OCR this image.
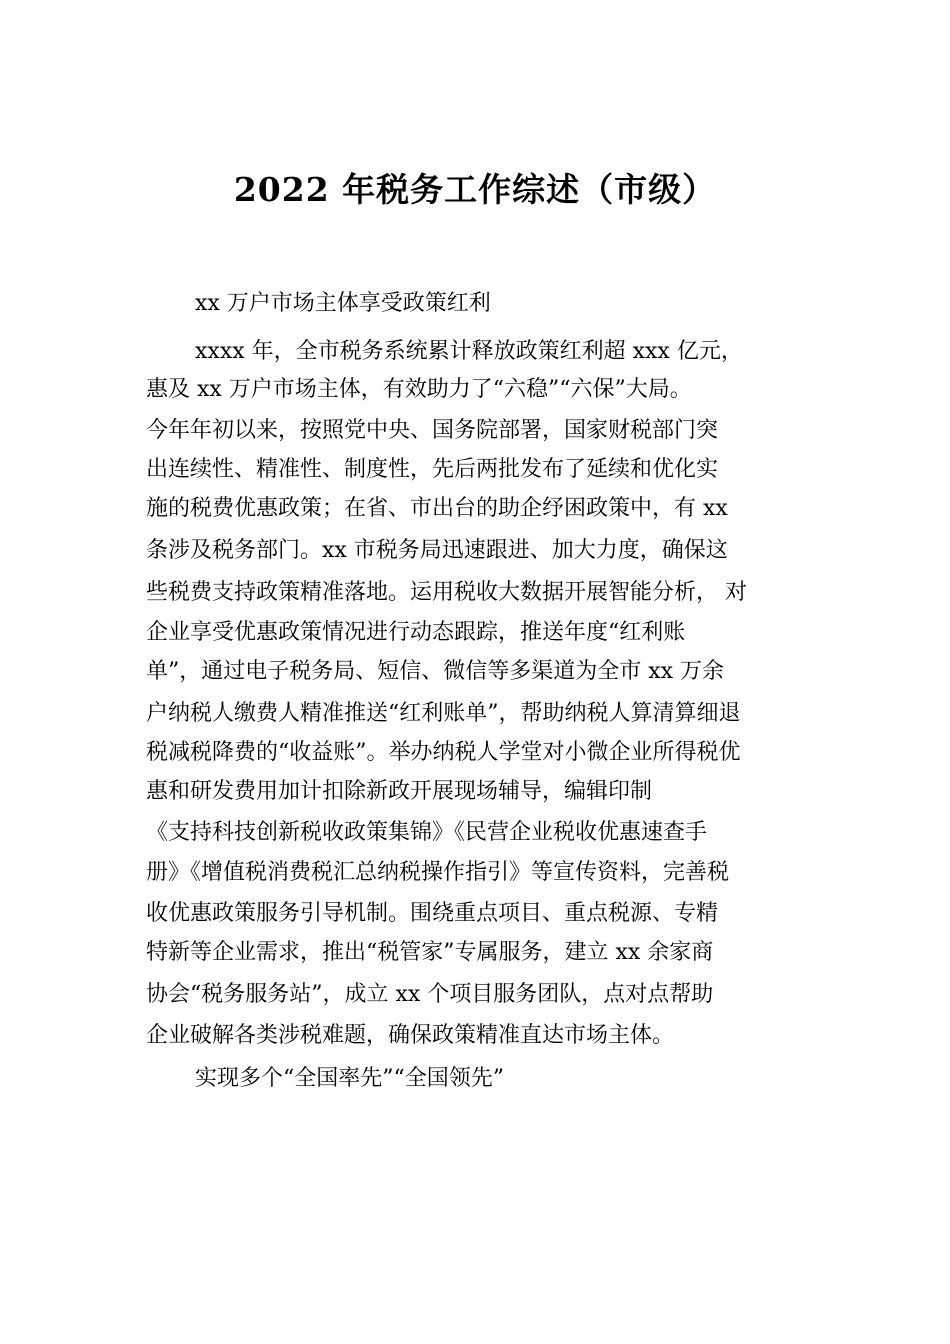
2022 年税务工作综述（市级）

xx 万户市场主体享受政策红利

xxxx 年，全市税务系统累计释放政策红利超 xxx 亿元，

惠及 xx 万户市场主体，有效助力了“六稳”“六保”大局。

今年年初以来，按照党中央、国务院部署，国家财税部门突

出连续性、精准性、制度性，先后两批发布了延续和优化实

施的税费优惠政策；在省、市出台的助企纾困政策中，有 xx

条涉及税务部门。xx 市税务局迅速跟进、加大力度，确保这

些税费支持政策精准落地。运用税收大数据开展智能分析， 对

企业享受优惠政策情况进行动态跟踪，推送年度“红利账

单”，通过电子税务局、短信、微信等多渠道为全市 xx 万余

户纳税人缴费人精准推送“红利账单”，帮助纳税人算清算细退

税减税降费的“收益账”。举办纳税人学堂对小微企业所得税优

惠和研发费用加计扣除新政开展现场辅导，编辑印制

《支持科技创新税收政策集锦》《民营企业税收优惠速查手

册》《增值税消费税汇总纳税操作指引》等宣传资料，完善税

收优惠政策服务引导机制。围绕重点项目、重点税源、专精

特新等企业需求，推出“税管家”专属服务，建立 xx 余家商

协会“税务服务站”，成立 xx 个项目服务团队，点对点帮助

企业破解各类涉税难题，确保政策精准直达市场主体。

实现多个“全国率先”“全国领先”
